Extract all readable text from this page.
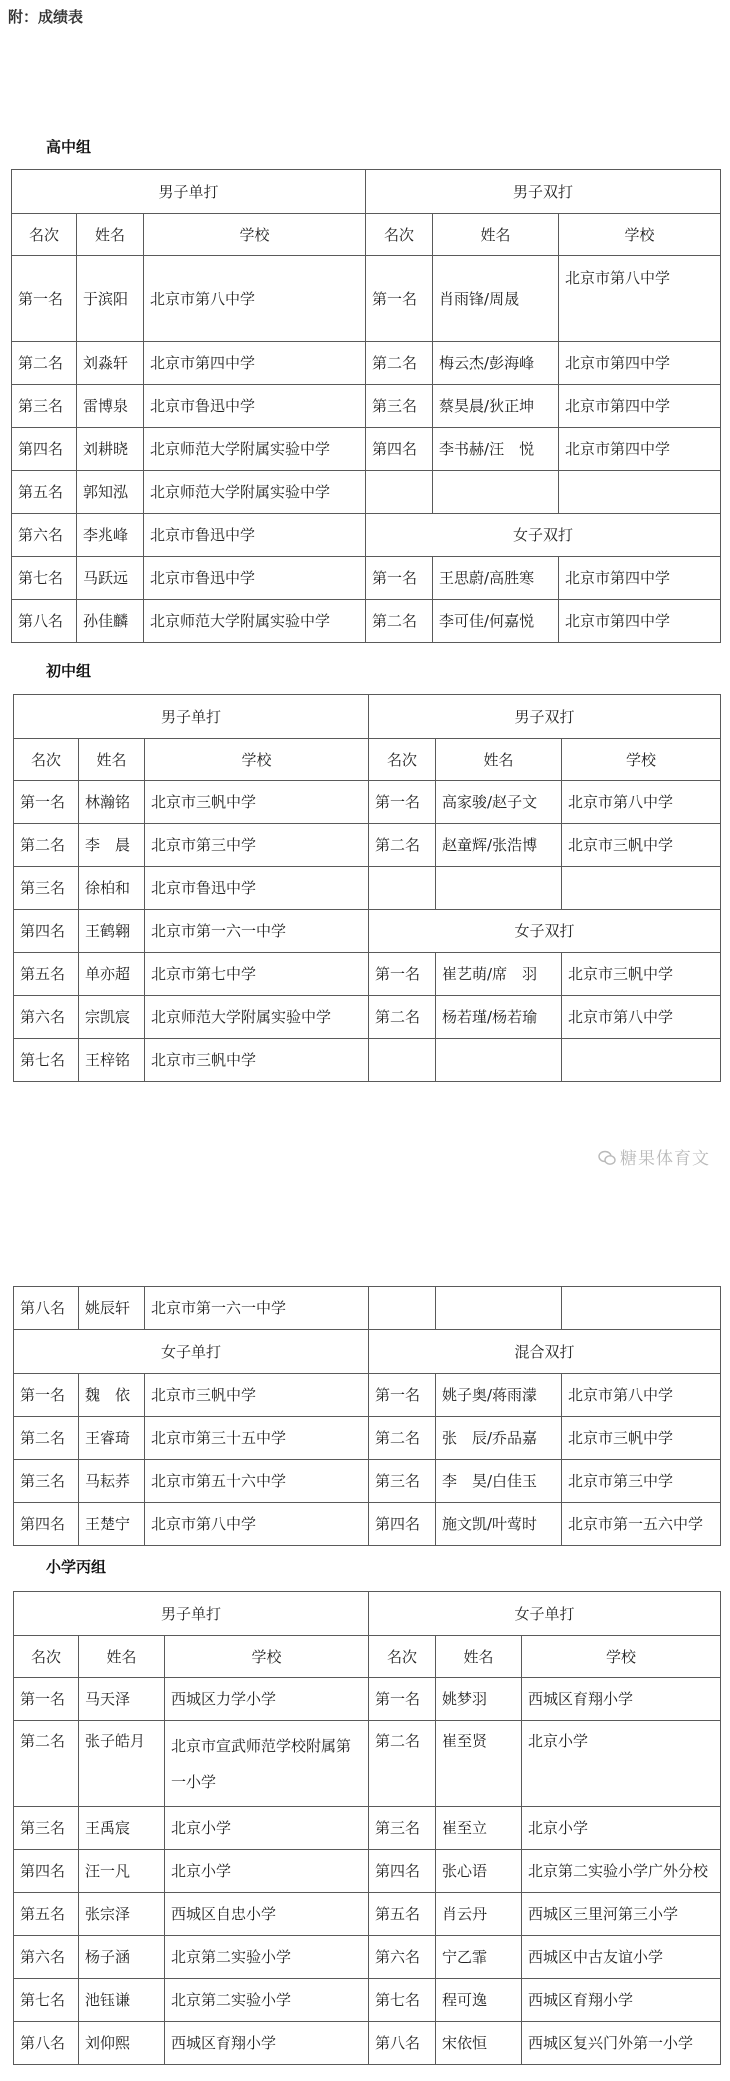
附：成绩表
高中组
男子单打			男子双打		
名次	姓名	学校	名次	姓名	学校
第一名	于滨阳	北京市第八中学	第一名	肖雨锋/周晟	北京市第八中学
第二名	刘淼轩	北京市第四中学	第二名	梅云杰/彭海峰	北京市第四中学
第三名	雷博泉	北京市鲁迅中学	第三名	蔡昊晨/狄正坤	北京市第四中学
第四名	刘耕晓	北京师范大学附属实验中学	第四名	李书赫/汪　悦	北京市第四中学
第五名	郭知泓	北京师范大学附属实验中学			
第六名	李兆峰	北京市鲁迅中学	女子双打		
第七名	马跃远	北京市鲁迅中学	第一名	王思蔚/高胜寒	北京市第四中学
第八名	孙佳麟	北京师范大学附属实验中学	第二名	李可佳/何嘉悦	北京市第四中学
初中组
男子单打			男子双打		
名次	姓名	学校	名次	姓名	学校
第一名	林瀚铭	北京市三帆中学	第一名	高家骏/赵子文	北京市第八中学
第二名	李　晨	北京市第三中学	第二名	赵童辉/张浩博	北京市三帆中学
第三名	徐柏和	北京市鲁迅中学			
第四名	王鹤翱	北京市第一六一中学	女子双打		
第五名	单亦超	北京市第七中学	第一名	崔艺萌/席　羽	北京市三帆中学
第六名	宗凯宸	北京师范大学附属实验中学	第二名	杨若瑾/杨若瑜	北京市第八中学
第七名	王梓铭	北京市三帆中学			
糖果体育文
第八名	姚辰轩	北京市第一六一中学			
女子单打			混合双打		
第一名	魏　依	北京市三帆中学	第一名	姚子奥/蒋雨濛	北京市第八中学
第二名	王睿琦	北京市第三十五中学	第二名	张　辰/乔品嘉	北京市三帆中学
第三名	马耘荞	北京市第五十六中学	第三名	李　昊/白佳玉	北京市第三中学
第四名	王楚宁	北京市第八中学	第四名	施文凯/叶莺时	北京市第一五六中学
小学丙组
男子单打			女子单打		
名次	姓名	学校	名次	姓名	学校
第一名	马天泽	西城区力学小学	第一名	姚梦羽	西城区育翔小学
第二名	张子皓月	北京市宣武师范学校附属第一小学	第二名	崔至贤	北京小学
第三名	王禹宸	北京小学	第三名	崔至立	北京小学
第四名	汪一凡	北京小学	第四名	张心语	北京第二实验小学广外分校
第五名	张宗泽	西城区自忠小学	第五名	肖云丹	西城区三里河第三小学
第六名	杨子涵	北京第二实验小学	第六名	宁乙霏	西城区中古友谊小学
第七名	池钰谦	北京第二实验小学	第七名	程可逸	西城区育翔小学
第八名	刘仰熙	西城区育翔小学	第八名	宋依恒	西城区复兴门外第一小学
